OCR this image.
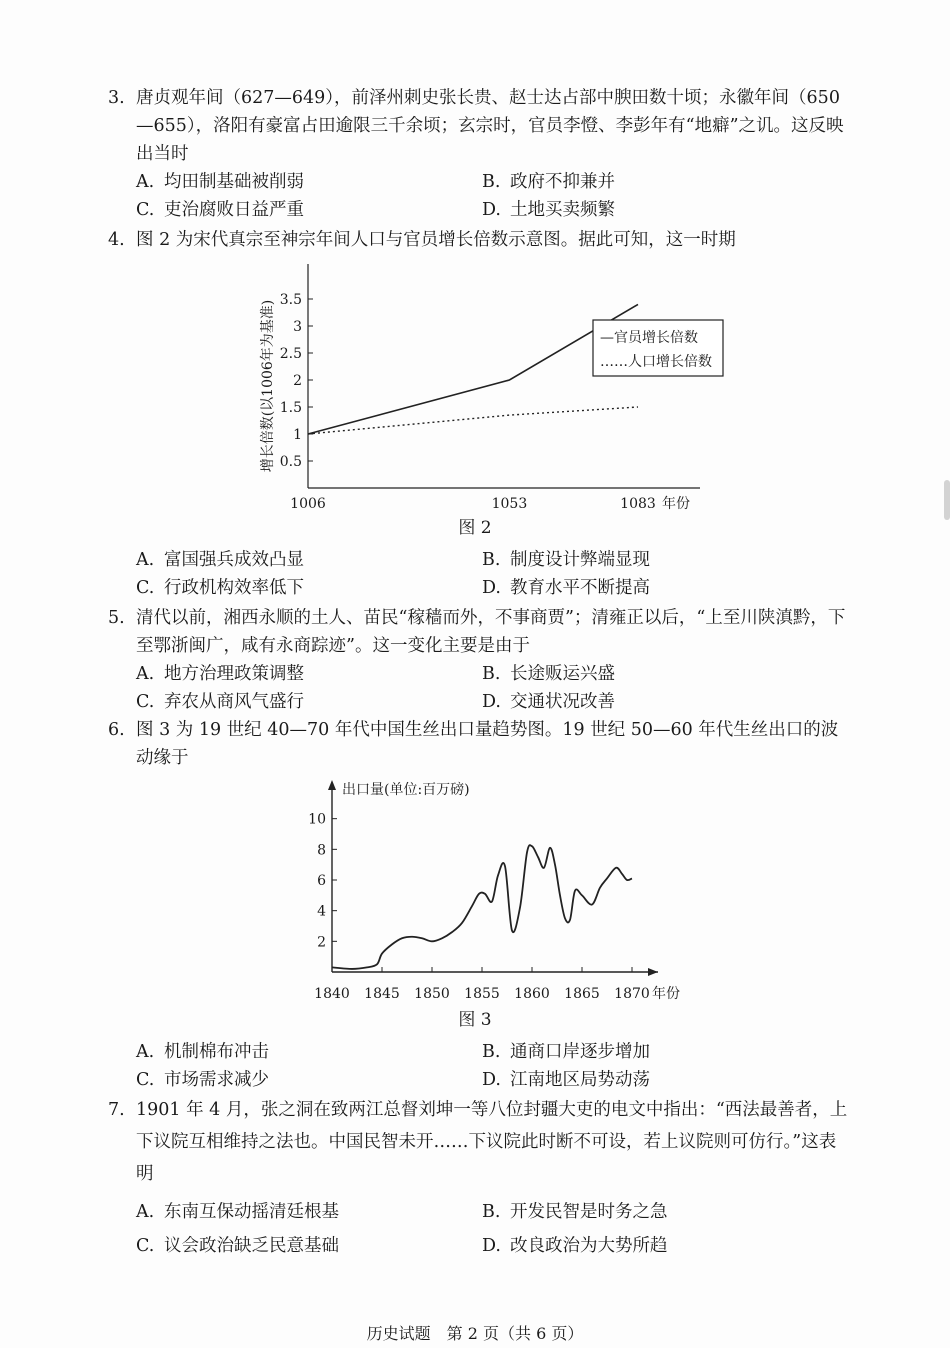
3. 唐贞观年间（627—649），前泽州刺史张长贵、赵士达占部中腴田数十顷；永徽年间（650—655），洛阳有豪富占田逾限三千余顷；玄宗时，官员李憕、李彭年有“地癖”之讥。这反映出当时
A. 均田制基础被削弱	B. 政府不抑兼并
C. 吏治腐败日益严重	D. 土地买卖频繁
4. 图 2 为宋代真宗至神宗年间人口与官员增长倍数示意图。据此可知，这一时期
0.5
1
1.5
2
2.5
3
3.5
1006	1053	1083 年份
增长倍数(以1006年为基准)	—官员增长倍数
……人口增长倍数
图 2
A. 富国强兵成效凸显	B. 制度设计弊端显现
C. 行政机构效率低下	D. 教育水平不断提高
5. 清代以前，湘西永顺的土人、苗民“稼穑而外，不事商贾”；清雍正以后，“上至川陕滇黔，下至鄂浙闽广，咸有永商踪迹”。这一变化主要是由于
A. 地方治理政策调整	B. 长途贩运兴盛
C. 弃农从商风气盛行	D. 交通状况改善
6. 图 3 为 19 世纪 40—70 年代中国生丝出口量趋势图。19 世纪 50—60 年代生丝出口的波动缘于
2
4
6
8
10
1840 1845 1850 1855 1860 1865 1870 年份
出口量(单位:百万磅)
图 3
A. 机制棉布冲击	B. 通商口岸逐步增加
C. 市场需求减少	D. 江南地区局势动荡
7. 1901 年 4 月，张之洞在致两江总督刘坤一等八位封疆大吏的电文中指出：“西法最善者，上下议院互相维持之法也。中国民智未开……下议院此时断不可设，若上议院则可仿行。”这表明
A. 东南互保动摇清廷根基	B. 开发民智是时务之急
C. 议会政治缺乏民意基础	D. 改良政治为大势所趋
历史试题　第 2 页（共 6 页）
